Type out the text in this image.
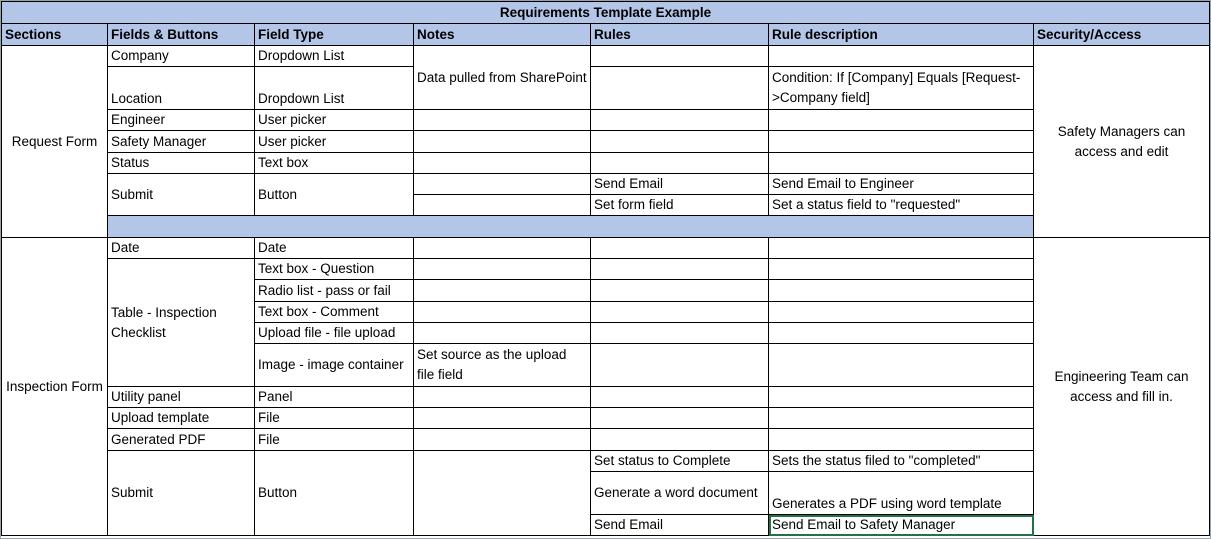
Requirements Template Example						
Sections	Fields & Buttons	Field Type	Notes	Rules	Rule description	Security/Access
Request Form	Company	Dropdown List	Data pulled from SharePoint			Safety Managers can access and edit
	Location	Dropdown List			Condition: If [Company] Equals [Request->Company field]	
	Engineer	User picker				
	Safety Manager	User picker				
	Status	Text box				
	Submit	Button		Send Email	Send Email to Engineer	
				Set form field	Set a status field to "requested"	

Inspection Form	Date	Date				Engineering Team can access and fill in.
	Table - Inspection Checklist	Text box - Question				
		Radio list - pass or fail				
		Text box - Comment				
		Upload file - file upload				
		Image - image container	Set source as the upload file field			
	Utility panel	Panel				
	Upload template	File				
	Generated PDF	File				
	Submit	Button		Set status to Complete	Sets the status filed to "completed"	
				Generate a word document	Generates a PDF using word template	
				Send Email	Send Email to Safety Manager	
